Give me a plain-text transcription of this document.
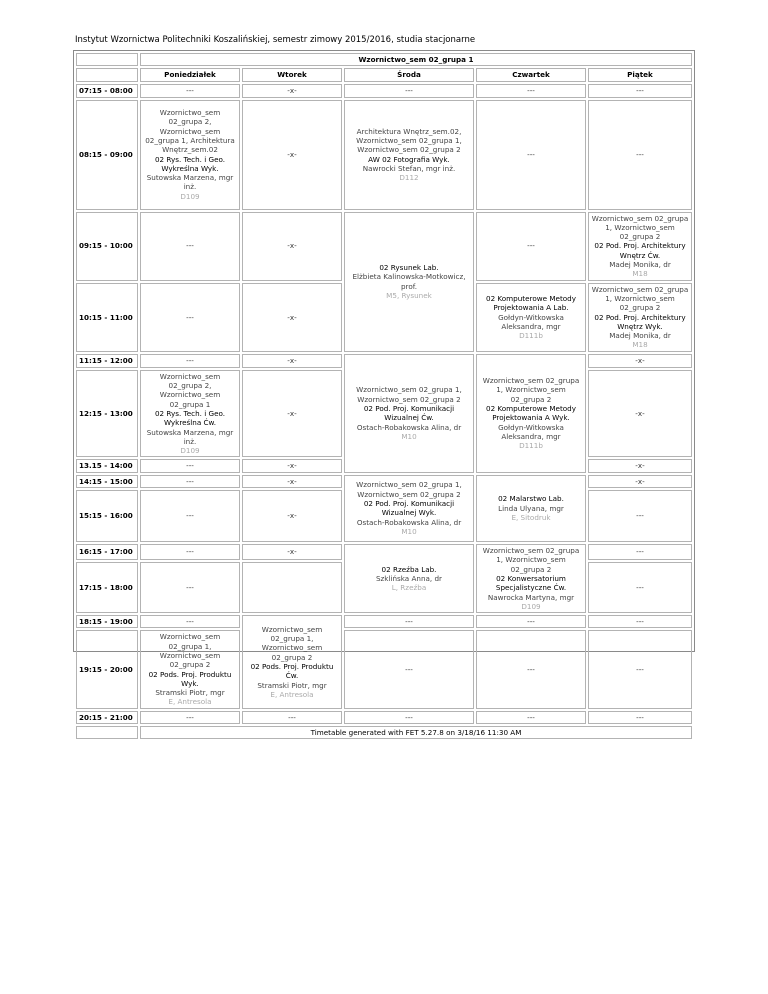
Instytut Wzornictwa Politechniki Koszalińskiej, semestr zimowy 2015/2016, studia stacjonarne
	Wzornictwo_sem 02_grupa 1				
	Poniedziałek	Wtorek	Środa	Czwartek	Piątek
07:15 - 08:00	---	-x-	---	---	---
08:15 - 09:00	Wzornictwo_sem 02_grupa 2, Wzornictwo_sem 02_grupa 1, Architektura Wnętrz_sem.02
02 Rys. Tech. i Geo. Wykreślna Wyk.
Sutowska Marzena, mgr inż.
D109	-x-	Architektura Wnętrz_sem.02, Wzornictwo_sem 02_grupa 1, Wzornictwo_sem 02_grupa 2
AW 02 Fotografia Wyk.
Nawrocki Stefan, mgr inż.
D112	---	---
09:15 - 10:00	---	-x-	02 Rysunek Lab.
Elżbieta Kalinowska-Motkowicz, prof.
M5, Rysunek	---	Wzornictwo_sem 02_grupa 1, Wzornictwo_sem 02_grupa 2
02 Pod. Proj. Architektury Wnętrz Ćw.
Madej Monika, dr
M18

10:15 - 11:00	---	-x-		02 Komputerowe Metody Projektowania A Lab.
Gołdyn-Witkowska Aleksandra, mgr
D111b	Wzornictwo_sem 02_grupa 1, Wzornictwo_sem 02_grupa 2
02 Pod. Proj. Architektury Wnętrz Wyk.
Madej Monika, dr
M18

11:15 - 12:00	---	-x-	Wzornictwo_sem 02_grupa 1, Wzornictwo_sem 02_grupa 2
02 Pod. Proj. Komunikacji Wizualnej Ćw.
Ostach-Robakowska Alina, dr
M10	Wzornictwo_sem 02_grupa 1, Wzornictwo_sem 02_grupa 2
02 Komputerowe Metody Projektowania A Wyk.
Gołdyn-Witkowska Aleksandra, mgr
D111b	-x-
12:15 - 13:00	Wzornictwo_sem 02_grupa 2, Wzornictwo_sem 02_grupa 1
02 Rys. Tech. i Geo. Wykreślna Ćw.
Sutowska Marzena, mgr inż.
D109	-x-			-x-
13.15 - 14:00	---	-x-			-x-
14:15 - 15:00	---	-x-	Wzornictwo_sem 02_grupa 1, Wzornictwo_sem 02_grupa 2
02 Pod. Proj. Komunikacji Wizualnej Wyk.
Ostach-Robakowska Alina, dr
M10	02 Malarstwo Lab.
Linda Ulyana, mgr
E, Sitodruk	-x-
15:15 - 16:00	---	-x-			---
16:15 - 17:00	---	-x-	02 Rzeźba Lab.
Szklińska Anna, dr
L, Rzeźba	Wzornictwo_sem 02_grupa 1, Wzornictwo_sem 02_grupa 2
02 Konwersatorium Specjalistyczne Ćw.
Nawrocka Martyna, mgr
D109	---
17:15 - 18:00	---				---
18:15 - 19:00	---	Wzornictwo_sem 02_grupa 1, Wzornictwo_sem 02_grupa 2
02 Pods. Proj. Produktu Ćw.
Stramski Piotr, mgr
E, Antresola	---	---	---
19:15 - 20:00	Wzornictwo_sem 02_grupa 1, Wzornictwo_sem 02_grupa 2
02 Pods. Proj. Produktu Wyk.
Stramski Piotr, mgr
E, Antresola		---	---	---
20:15 - 21:00	---	---	---	---	---
	Timetable generated with FET 5.27.8 on 3/18/16 11:30 AM				
